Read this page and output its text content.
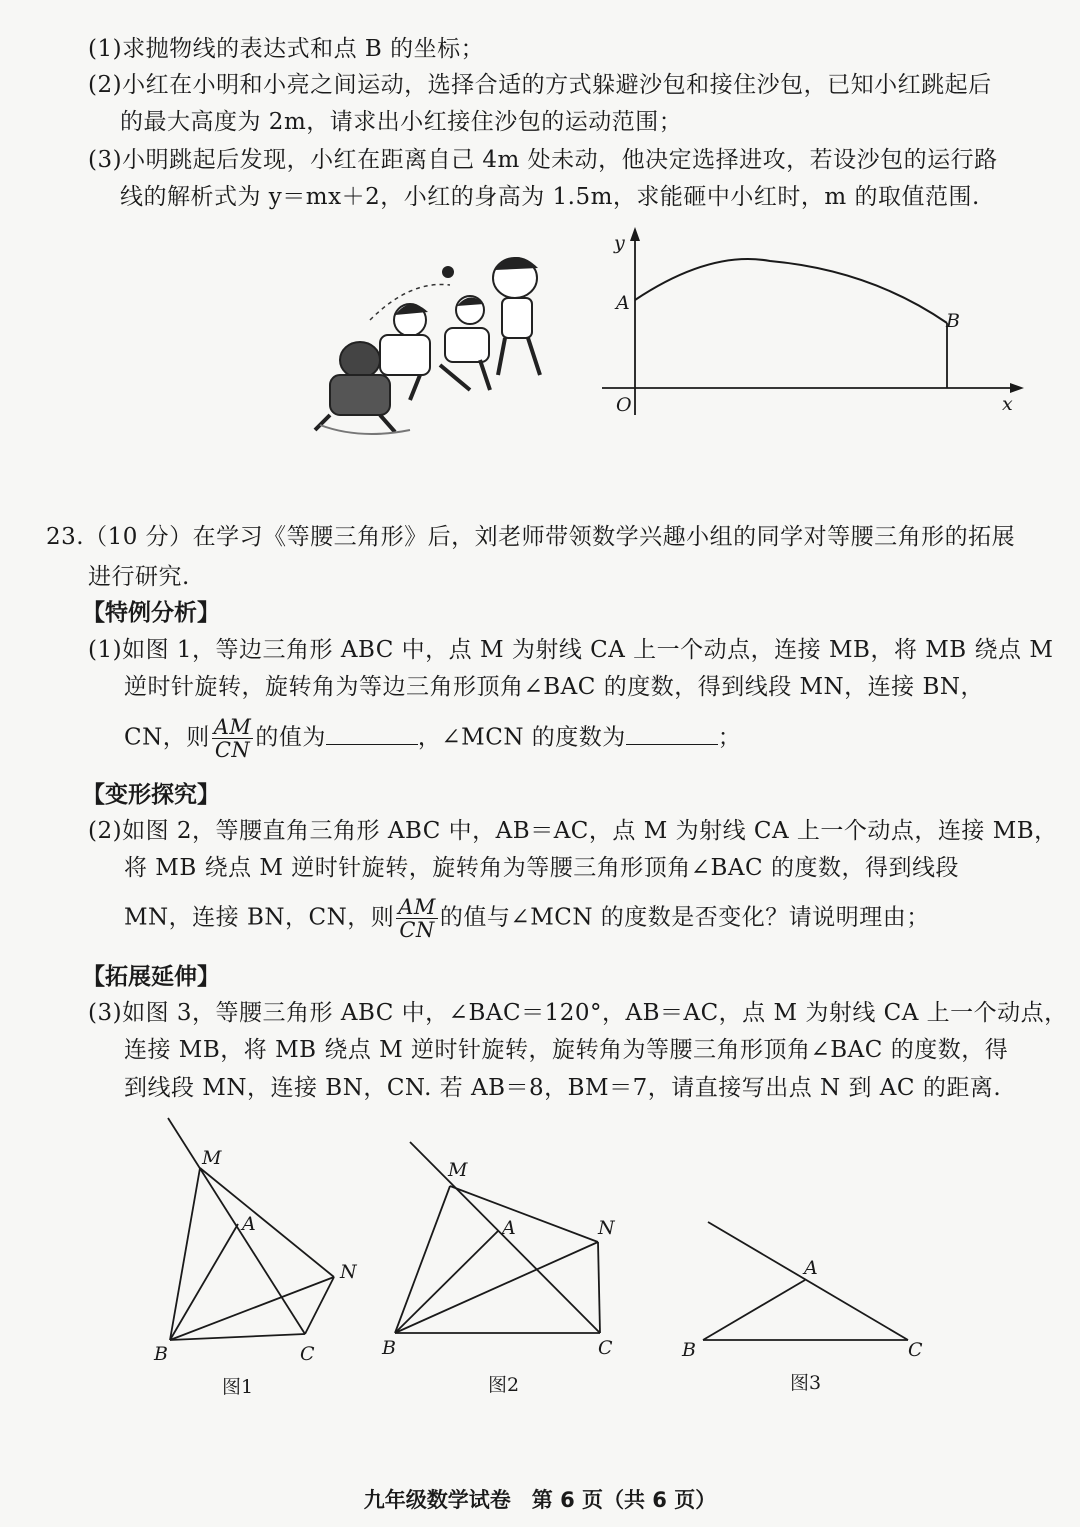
(1)求抛物线的表达式和点 B 的坐标；
(2)小红在小明和小亮之间运动，选择合适的方式躲避沙包和接住沙包，已知小红跳起后
的最大高度为 2m，请求出小红接住沙包的运动范围；
(3)小明跳起后发现，小红在距离自己 4m 处未动，他决定选择进攻，若设沙包的运行路
线的解析式为 y＝mx＋2，小红的身高为 1.5m，求能砸中小红时，m 的取值范围.
y
x
O
A
B
23.（10 分）在学习《等腰三角形》后，刘老师带领数学兴趣小组的同学对等腰三角形的拓展
进行研究.
【特例分析】
(1)如图 1，等边三角形 ABC 中，点 M 为射线 CA 上一个动点，连接 MB，将 MB 绕点 M
逆时针旋转，旋转角为等边三角形顶角∠BAC 的度数，得到线段 MN，连接 BN，
CN，则 $\frac{AM}{CN}$ 的值为	，∠MCN 的度数为	；
【变形探究】
(2)如图 2，等腰直角三角形 ABC 中，AB＝AC，点 M 为射线 CA 上一个动点，连接 MB，
将 MB 绕点 M 逆时针旋转，旋转角为等腰三角形顶角∠BAC 的度数，得到线段
MN，连接 BN，CN，则 $\frac{AM}{CN}$ 的值与∠MCN 的度数是否变化？请说明理由；
【拓展延伸】
(3)如图 3，等腰三角形 ABC 中，∠BAC＝120°，AB＝AC，点 M 为射线 CA 上一个动点，
连接 MB，将 MB 绕点 M 逆时针旋转，旋转角为等腰三角形顶角∠BAC 的度数，得
到线段 MN，连接 BN，CN. 若 AB＝8，BM＝7，请直接写出点 N 到 AC 的距离.
M
A
N
B	C
图1
M
A	N
B	C
图2
A
B	C
图3
九年级数学试卷　第 6 页（共 6 页）
